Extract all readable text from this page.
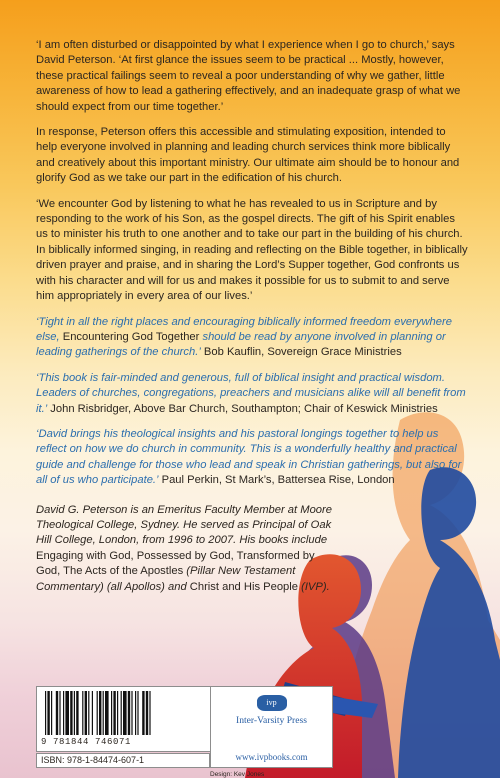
‘I am often disturbed or disappointed by what I experience when I go to church,’ says David Peterson. ‘At first glance the issues seem to be practical ... Mostly, however, these practical failings seem to reveal a poor understanding of why we gather, little awareness of how to lead a gathering effectively, and an inadequate grasp of what we should expect from our time together.’

In response, Peterson offers this accessible and stimulating exposition, intended to help everyone involved in planning and leading church services think more biblically and creatively about this important ministry. Our ultimate aim should be to honour and glorify God as we take our part in the edification of his church.

‘We encounter God by listening to what he has revealed to us in Scripture and by responding to the work of his Son, as the gospel directs. The gift of his Spirit enables us to minister his truth to one another and to take our part in the building of his church. In biblically informed singing, in reading and reflecting on the Bible together, in biblically driven prayer and praise, and in sharing the Lord’s Supper together, God confronts us with his character and will for us and makes it possible for us to submit to and serve him appropriately in every area of our lives.’

‘Tight in all the right places and encouraging biblically informed freedom everywhere else, Encountering God Together should be read by anyone involved in planning or leading gatherings of the church.’ Bob Kauflin, Sovereign Grace Ministries

‘This book is fair-minded and generous, full of biblical insight and practical wisdom. Leaders of churches, congregations, preachers and musicians alike will all benefit from it.’ John Risbridger, Above Bar Church, Southampton; Chair of Keswick Ministries

‘David brings his theological insights and his pastoral longings together to help us reflect on how we do church in community. This is a wonderfully healthy and practical guide and challenge for those who lead and speak in Christian gatherings, but also for all of us who participate.’ Paul Perkin, St Mark’s, Battersea Rise, London

David G. Peterson is an Emeritus Faculty Member at Moore Theological College, Sydney. He served as Principal of Oak Hill College, London, from 1996 to 2007. His books include Engaging with God, Possessed by God, Transformed by God, The Acts of the Apostles (Pillar New Testament Commentary) (all Apollos) and Christ and His People (IVP).

9 781844 746071
ISBN: 978-1-84474-607-1
ivp
Inter-Varsity Press
www.ivpbooks.com
Design: Kev Jones
